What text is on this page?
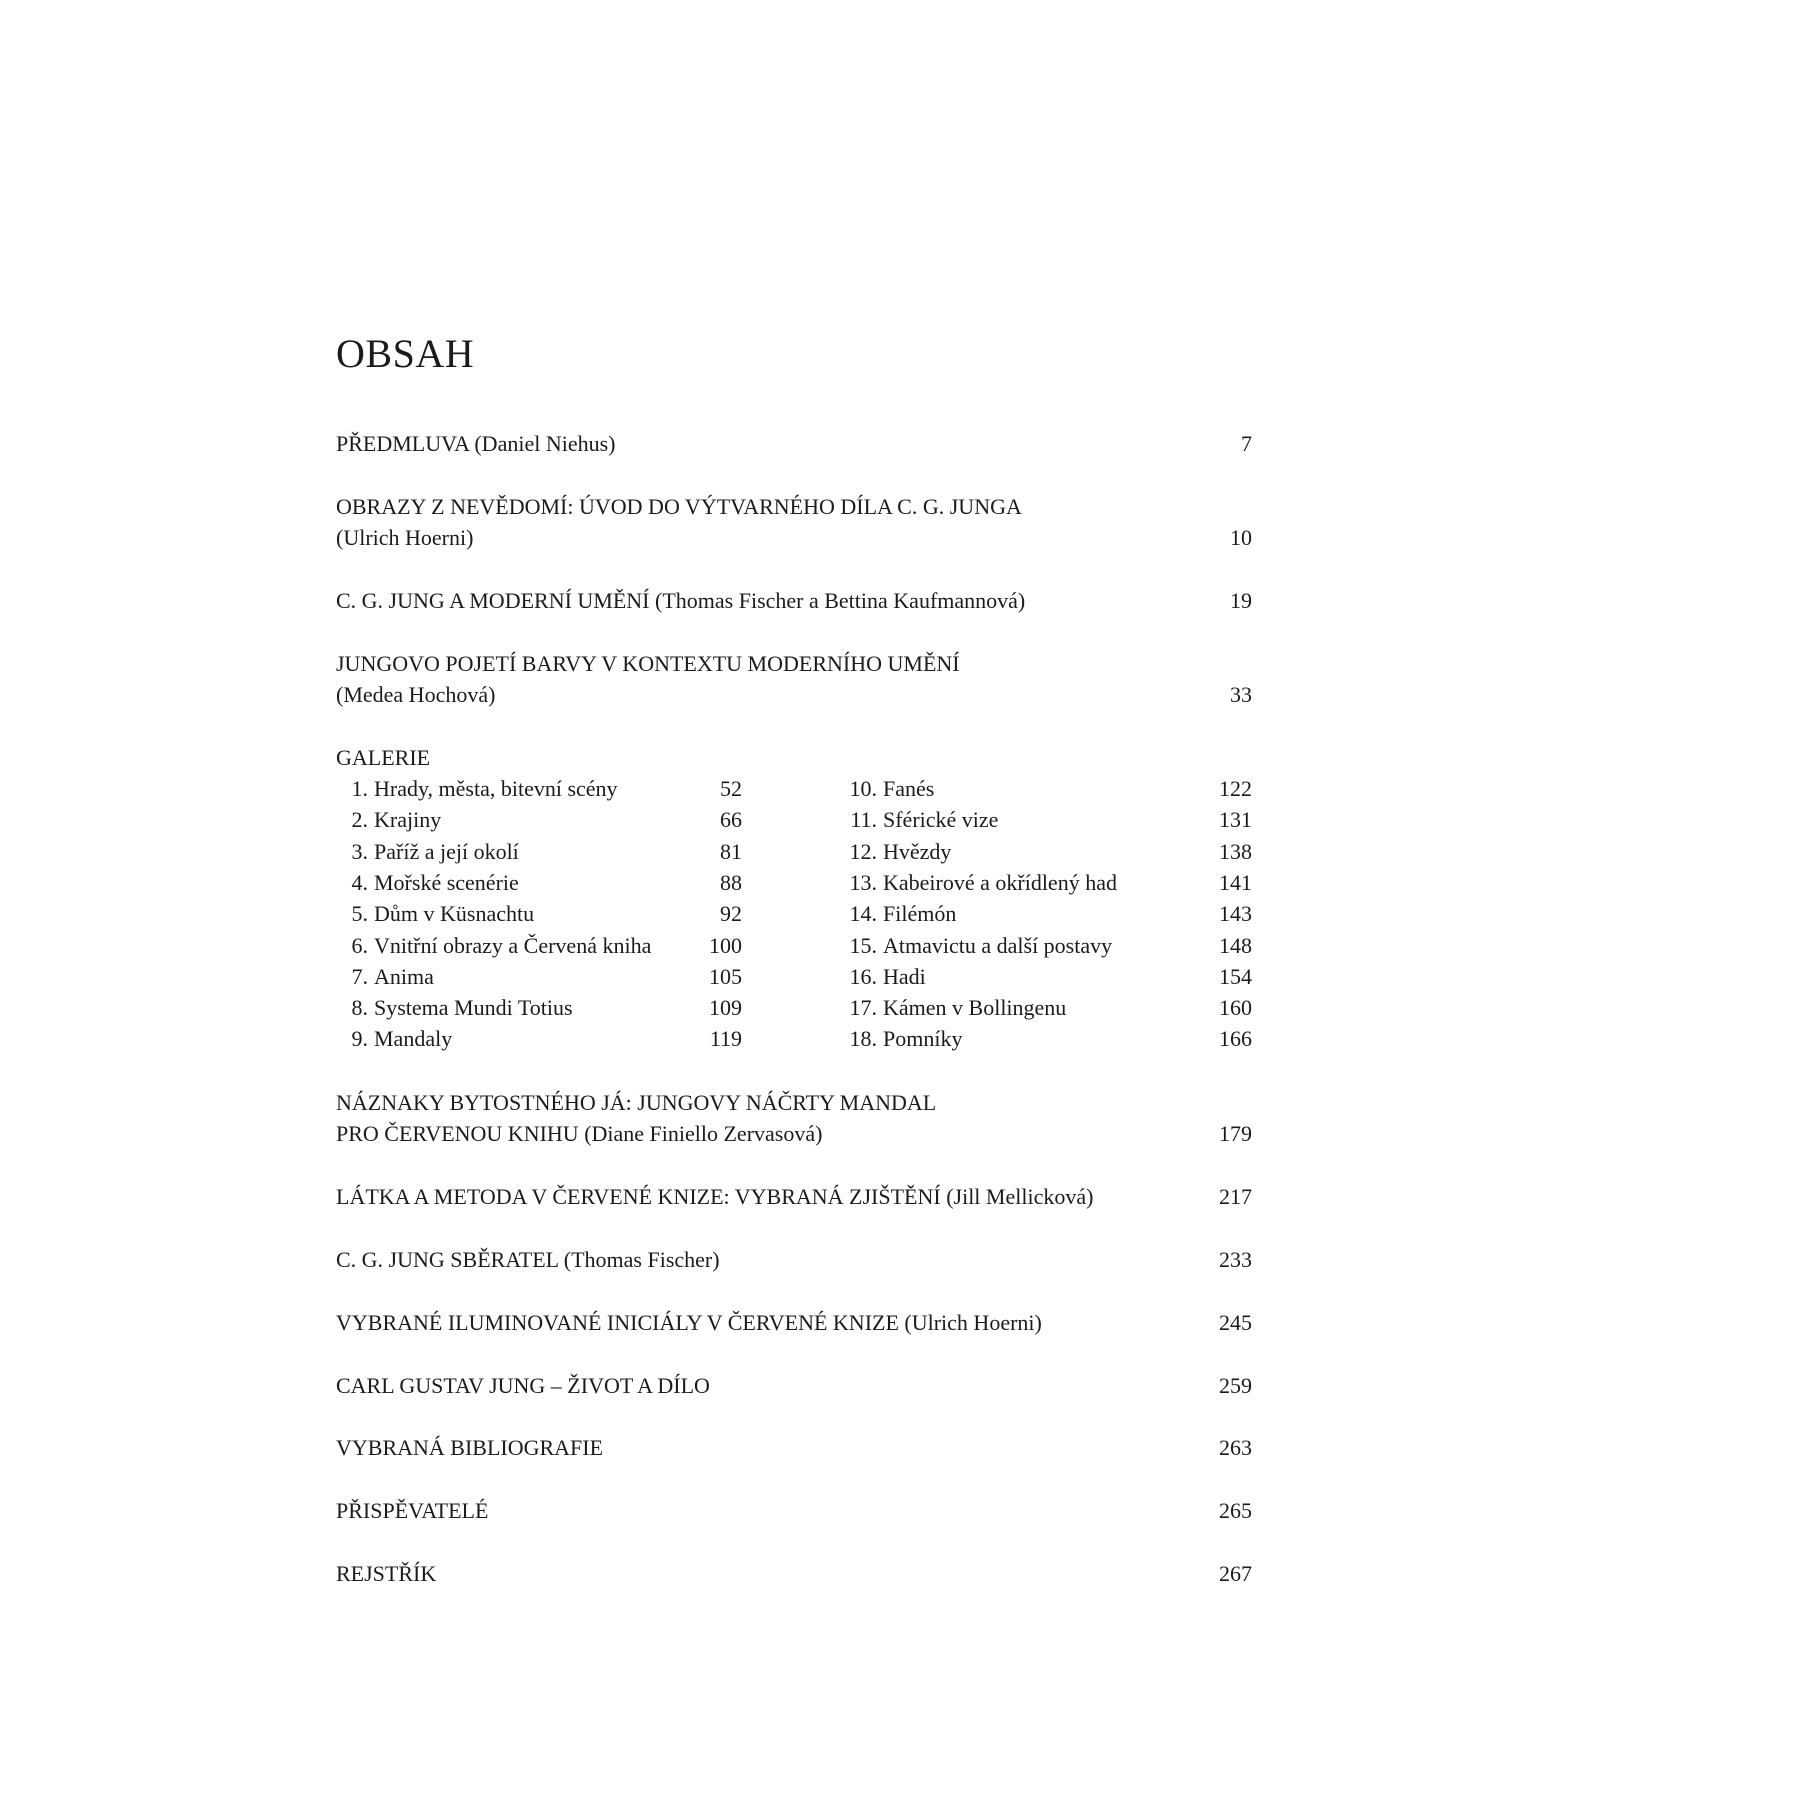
OBSAH
PŘEDMLUVA (Daniel Niehus)	7
OBRAZY Z NEVĚDOMÍ: ÚVOD DO VÝTVARNÉHO DÍLA C. G. JUNGA
(Ulrich Hoerni)	10
C. G. JUNG A MODERNÍ UMĚNÍ (Thomas Fischer a Bettina Kaufmannová)	19
JUNGOVO POJETÍ BARVY V KONTEXTU MODERNÍHO UMĚNÍ
(Medea Hochová)	33
GALERIE
1. Hrady, města, bitevní scény	52
2. Krajiny	66
3. Paříž a její okolí	81
4. Mořské scenérie	88
5. Dům v Küsnachtu	92
6. Vnitřní obrazy a Červená kniha	100
7. Anima	105
8. Systema Mundi Totius	109
9. Mandaly	119
10. Fanés	122
11. Sférické vize	131
12. Hvězdy	138
13. Kabeirové a okřídlený had	141
14. Filémón	143
15. Atmavictu a další postavy	148
16. Hadi	154
17. Kámen v Bollingenu	160
18. Pomníky	166
NÁZNAKY BYTOSTNÉHO JÁ: JUNGOVY NÁČRTY MANDAL
PRO ČERVENOU KNIHU (Diane Finiello Zervasová)	179
LÁTKA A METODA V ČERVENÉ KNIZE: VYBRANÁ ZJIŠTĚNÍ (Jill Mellicková)	217
C. G. JUNG SBĚRATEL (Thomas Fischer)	233
VYBRANÉ ILUMINOVANÉ INICIÁLY V ČERVENÉ KNIZE (Ulrich Hoerni)	245
CARL GUSTAV JUNG – ŽIVOT A DÍLO	259
VYBRANÁ BIBLIOGRAFIE	263
PŘISPĚVATELÉ	265
REJSTŘÍK	267
